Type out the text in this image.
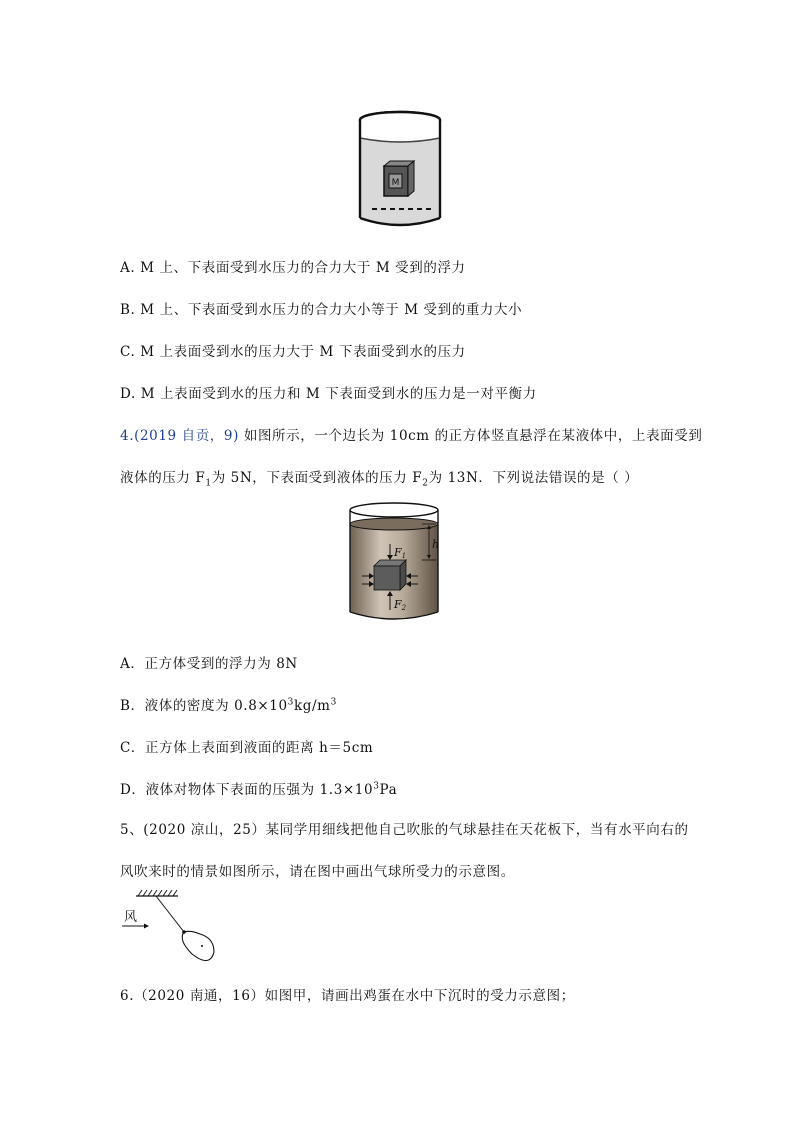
M
A. M 上、下表面受到水压力的合力大于 M 受到的浮力
B. M 上、下表面受到水压力的合力大小等于 M 受到的重力大小
C. M 上表面受到水的压力大于 M 下表面受到水的压力
D. M 上表面受到水的压力和 M 下表面受到水的压力是一对平衡力
4.(2019 自贡，9) 如图所示，一个边长为 10cm 的正方体竖直悬浮在某液体中，上表面受到
液体的压力 $F_1$为 5N，下表面受到液体的压力 $F_2$为 13N．下列说法错误的是（ ）
h
F1
F2
A．正方体受到的浮力为 8N
B．液体的密度为 $0.8\times 10^3kg/m^3$
C．正方体上表面到液面的距离 h＝5cm
D．液体对物体下表面的压强为 $1.3\times 10^3Pa$
5、(2020 凉山，25）某同学用细线把他自己吹胀的气球悬挂在天花板下，当有水平向右的
风吹来时的情景如图所示，请在图中画出气球所受力的示意图。
风
6.（2020 南通，16）如图甲，请画出鸡蛋在水中下沉时的受力示意图；
